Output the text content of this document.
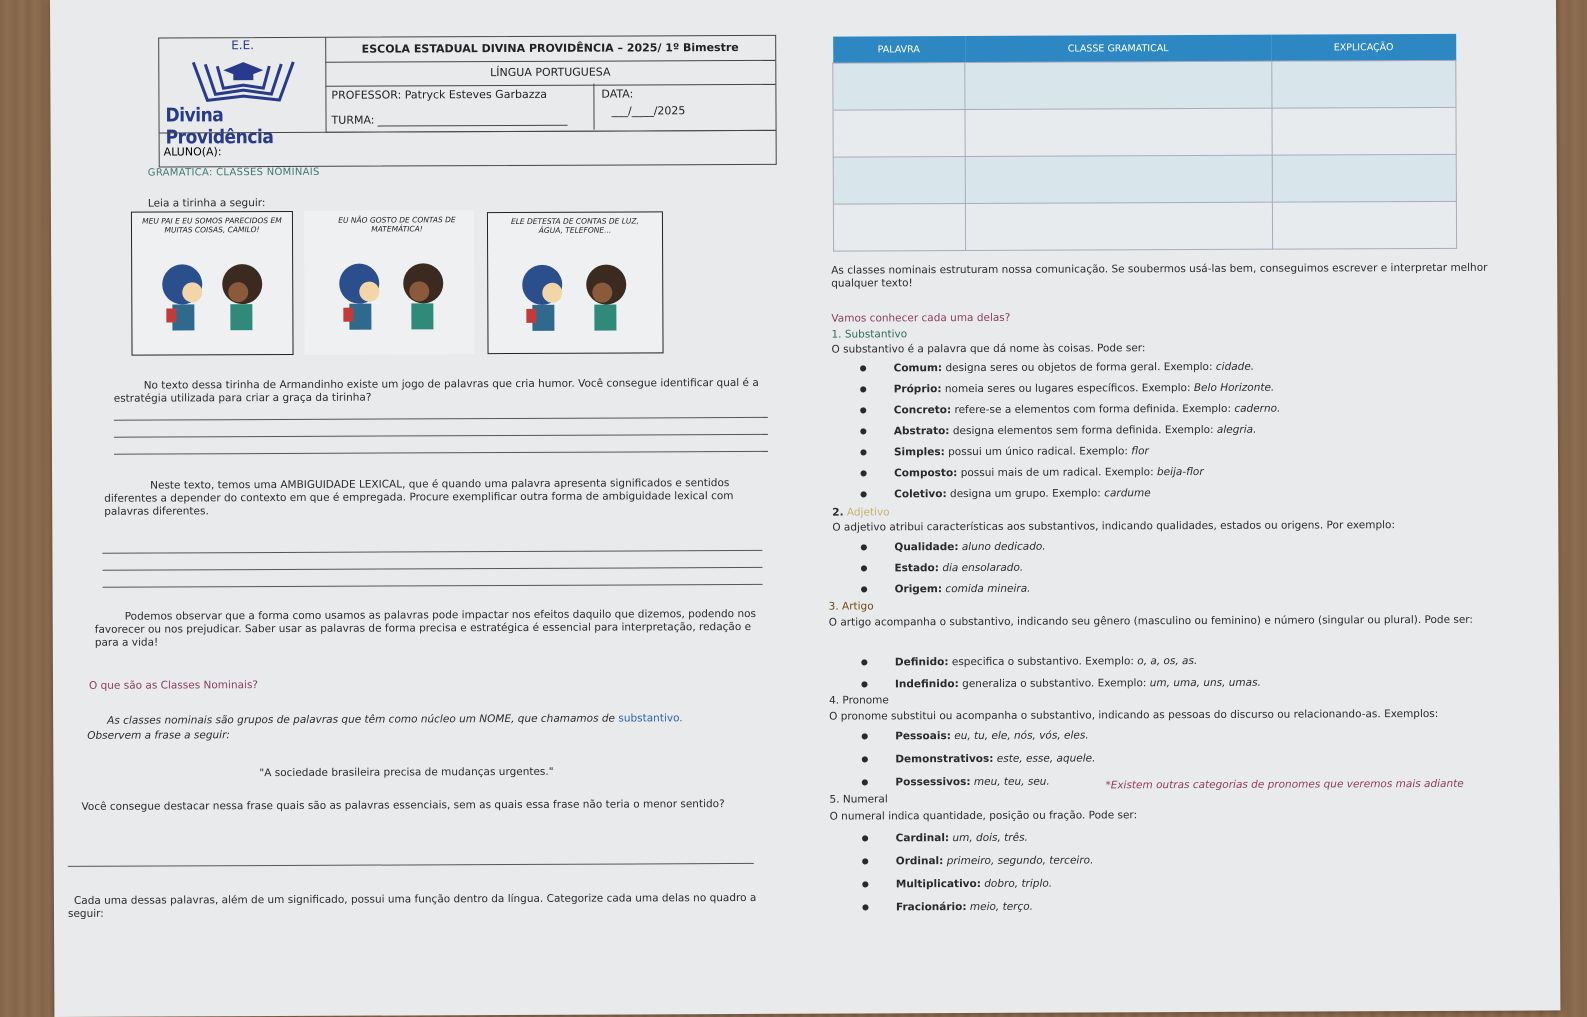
E.E.
Divina Providência
ESCOLA ESTADUAL DIVINA PROVIDÊNCIA – 2025/ 1º Bimestre
LÍNGUA PORTUGUESA
PROFESSOR: Patryck Esteves Garbazza
TURMA:
DATA:
___/____/2025
ALUNO(A):
GRAMÁTICA: CLASSES NOMINAIS
Leia a tirinha a seguir:
MEU PAI E EU SOMOS PARECIDOS EM MUITAS COISAS, CAMILO!
EU NÃO GOSTO DE CONTAS DE MATEMÁTICA!
ELE DETESTA DE CONTAS DE LUZ, ÁGUA, TELEFONE...
No texto dessa tirinha de Armandinho existe um jogo de palavras que cria humor. Você consegue identificar qual é a estratégia utilizada para criar a graça da tirinha?
Neste texto, temos uma AMBIGUIDADE LEXICAL, que é quando uma palavra apresenta significados e sentidos diferentes a depender do contexto em que é empregada. Procure exemplificar outra forma de ambiguidade lexical com palavras diferentes.
Podemos observar que a forma como usamos as palavras pode impactar nos efeitos daquilo que dizemos, podendo nos favorecer ou nos prejudicar. Saber usar as palavras de forma precisa e estratégica é essencial para interpretação, redação e para a vida!
O que são as Classes Nominais?
As classes nominais são grupos de palavras que têm como núcleo um NOME, que chamamos de substantivo.
Observem a frase a seguir:
"A sociedade brasileira precisa de mudanças urgentes."
Você consegue destacar nessa frase quais são as palavras essenciais, sem as quais essa frase não teria o menor sentido?
Cada uma dessas palavras, além de um significado, possui uma função dentro da língua. Categorize cada uma delas no quadro a seguir:
PALAVRA	CLASSE GRAMATICAL	EXPLICAÇÃO

As classes nominais estruturam nossa comunicação. Se soubermos usá-las bem, conseguimos escrever e interpretar melhor qualquer texto!
Vamos conhecer cada uma delas?
1. Substantivo
O substantivo é a palavra que dá nome às coisas. Pode ser:
● Comum: designa seres ou objetos de forma geral. Exemplo: cidade.
● Próprio: nomeia seres ou lugares específicos. Exemplo: Belo Horizonte.
● Concreto: refere-se a elementos com forma definida. Exemplo: caderno.
● Abstrato: designa elementos sem forma definida. Exemplo: alegria.
● Simples: possui um único radical. Exemplo: flor
● Composto: possui mais de um radical. Exemplo: beija-flor
● Coletivo: designa um grupo. Exemplo: cardume
2. Adjetivo
O adjetivo atribui características aos substantivos, indicando qualidades, estados ou origens. Por exemplo:
● Qualidade: aluno dedicado.
● Estado: dia ensolarado.
● Origem: comida mineira.
3. Artigo
O artigo acompanha o substantivo, indicando seu gênero (masculino ou feminino) e número (singular ou plural). Pode ser:
● Definido: especifica o substantivo. Exemplo: o, a, os, as.
● Indefinido: generaliza o substantivo. Exemplo: um, uma, uns, umas.
4. Pronome
O pronome substitui ou acompanha o substantivo, indicando as pessoas do discurso ou relacionando-as. Exemplos:
● Pessoais: eu, tu, ele, nós, vós, eles.
● Demonstrativos: este, esse, aquele.
● Possessivos: meu, teu, seu.	*Existem outras categorias de pronomes que veremos mais adiante
5. Numeral
O numeral indica quantidade, posição ou fração. Pode ser:
● Cardinal: um, dois, três.
● Ordinal: primeiro, segundo, terceiro.
● Multiplicativo: dobro, triplo.
● Fracionário: meio, terço.
